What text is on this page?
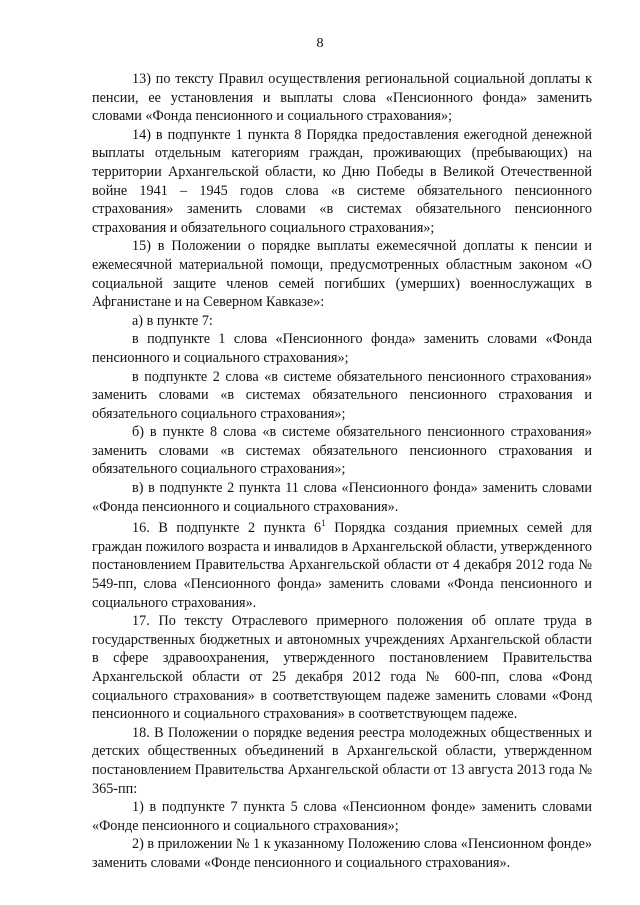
8

13) по тексту Правил осуществления региональной социальной доплаты к пенсии, ее установления и выплаты слова «Пенсионного фонда» заменить словами «Фонда пенсионного и социального страхования»;

14) в подпункте 1 пункта 8 Порядка предоставления ежегодной денежной выплаты отдельным категориям граждан, проживающих (пребывающих) на территории Архангельской области, ко Дню Победы в Великой Отечественной войне 1941 – 1945 годов слова «в системе обязательного пенсионного страхования» заменить словами «в системах обязательного пенсионного страхования и обязательного социального страхования»;

15) в Положении о порядке выплаты ежемесячной доплаты к пенсии и ежемесячной материальной помощи, предусмотренных областным законом «О социальной защите членов семей погибших (умерших) военнослужащих в Афганистане и на Северном Кавказе»:

а) в пункте 7:

в подпункте 1 слова «Пенсионного фонда» заменить словами «Фонда пенсионного и социального страхования»;

в подпункте 2 слова «в системе обязательного пенсионного страхования» заменить словами «в системах обязательного пенсионного страхования и обязательного социального страхования»;

б) в пункте 8 слова «в системе обязательного пенсионного страхования» заменить словами «в системах обязательного пенсионного страхования и обязательного социального страхования»;

в) в подпункте 2 пункта 11 слова «Пенсионного фонда» заменить словами «Фонда пенсионного и социального страхования».

16. В подпункте 2 пункта $6^1$ Порядка создания приемных семей для граждан пожилого возраста и инвалидов в Архангельской области, утвержденного постановлением Правительства Архангельской области от 4 декабря 2012 года № 549-пп, слова «Пенсионного фонда» заменить словами «Фонда пенсионного и социального страхования».

17. По тексту Отраслевого примерного положения об оплате труда в государственных бюджетных и автономных учреждениях Архангельской области в сфере здравоохранения, утвержденного постановлением Правительства Архангельской области от 25 декабря 2012 года № 600-пп, слова «Фонд социального страхования» в соответствующем падеже заменить словами «Фонд пенсионного и социального страхования» в соответствующем падеже.

18. В Положении о порядке ведения реестра молодежных общественных и детских общественных объединений в Архангельской области, утвержденном постановлением Правительства Архангельской области от 13 августа 2013 года № 365-пп:

1) в подпункте 7 пункта 5 слова «Пенсионном фонде» заменить словами «Фонде пенсионного и социального страхования»;

2) в приложении № 1 к указанному Положению слова «Пенсионном фонде» заменить словами «Фонде пенсионного и социального страхования».
